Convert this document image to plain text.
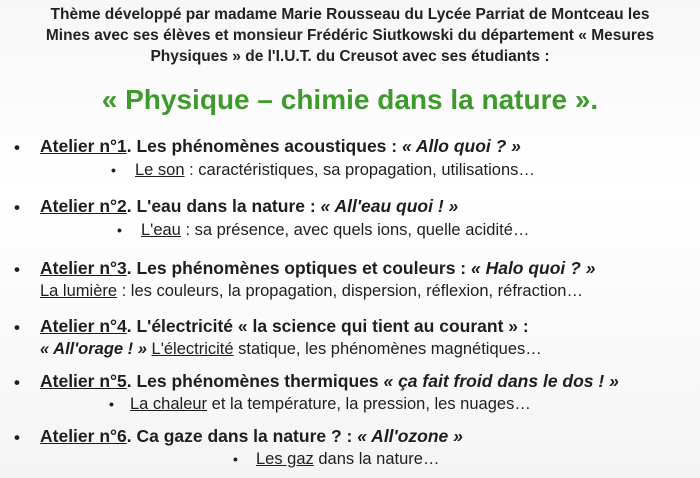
Thème développé par madame Marie Rousseau du Lycée Parriat de Montceau les
Mines avec ses élèves et monsieur Frédéric Siutkowski du département « Mesures
Physiques » de l'I.U.T. du Creusot avec ses étudiants :
« Physique – chimie dans la nature ».
• Atelier n°1. Les phénomènes acoustiques : « Allo quoi ? »
• Le son : caractéristiques, sa propagation, utilisations…
• Atelier n°2. L'eau dans la nature : « All'eau quoi ! »
• L'eau : sa présence, avec quels ions, quelle acidité…
• Atelier n°3. Les phénomènes optiques et couleurs : « Halo quoi ? »
La lumière : les couleurs, la propagation, dispersion, réflexion, réfraction…
• Atelier n°4. L'électricité « la science qui tient au courant » :
« All'orage ! » L'électricité statique, les phénomènes magnétiques…
• Atelier n°5. Les phénomènes thermiques « ça fait froid dans le dos ! »
• La chaleur et la température, la pression, les nuages…
• Atelier n°6. Ca gaze dans la nature ? : « All'ozone »
• Les gaz dans la nature…
